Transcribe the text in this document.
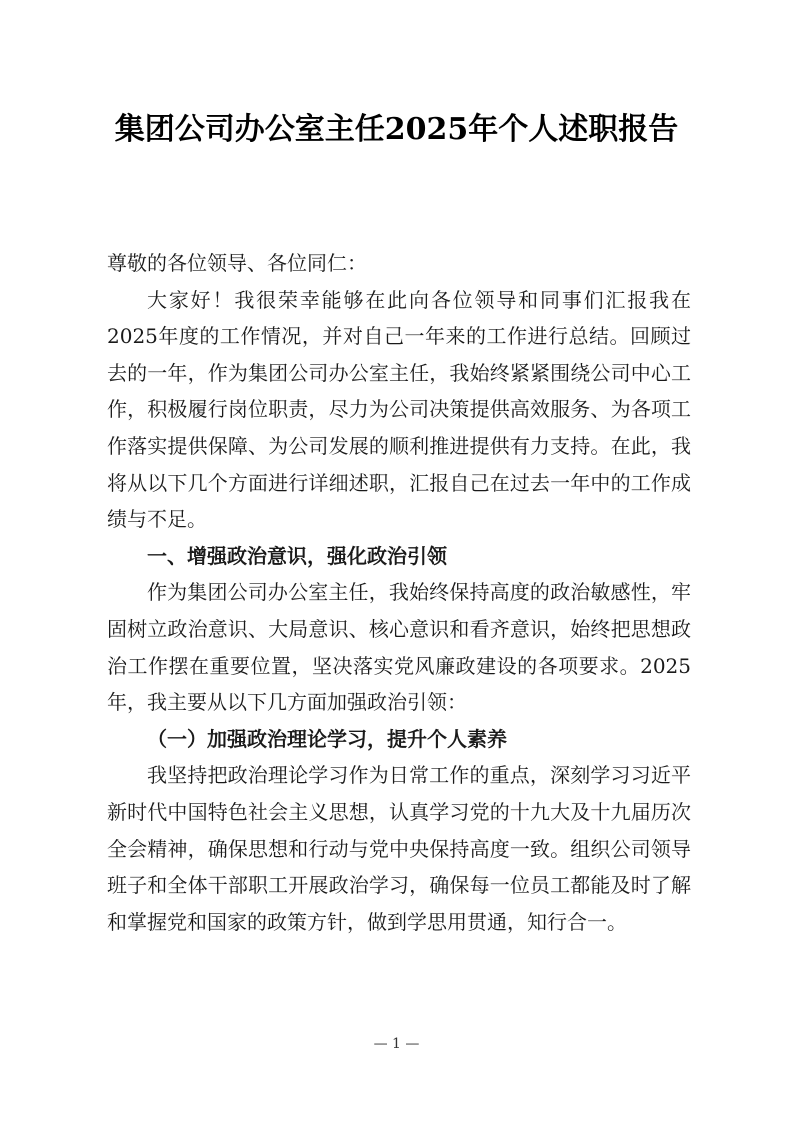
集团公司办公室主任2025年个人述职报告

尊敬的各位领导、各位同仁：

大家好！我很荣幸能够在此向各位领导和同事们汇报我在2025年度的工作情况，并对自己一年来的工作进行总结。回顾过去的一年，作为集团公司办公室主任，我始终紧紧围绕公司中心工作，积极履行岗位职责，尽力为公司决策提供高效服务、为各项工作落实提供保障、为公司发展的顺利推进提供有力支持。在此，我将从以下几个方面进行详细述职，汇报自己在过去一年中的工作成绩与不足。

一、增强政治意识，强化政治引领

作为集团公司办公室主任，我始终保持高度的政治敏感性，牢固树立政治意识、大局意识、核心意识和看齐意识，始终把思想政治工作摆在重要位置，坚决落实党风廉政建设的各项要求。2025年，我主要从以下几方面加强政治引领：

（一）加强政治理论学习，提升个人素养

我坚持把政治理论学习作为日常工作的重点，深刻学习习近平新时代中国特色社会主义思想，认真学习党的十九大及十九届历次全会精神，确保思想和行动与党中央保持高度一致。组织公司领导班子和全体干部职工开展政治学习，确保每一位员工都能及时了解和掌握党和国家的政策方针，做到学思用贯通，知行合一。

— 1 —
